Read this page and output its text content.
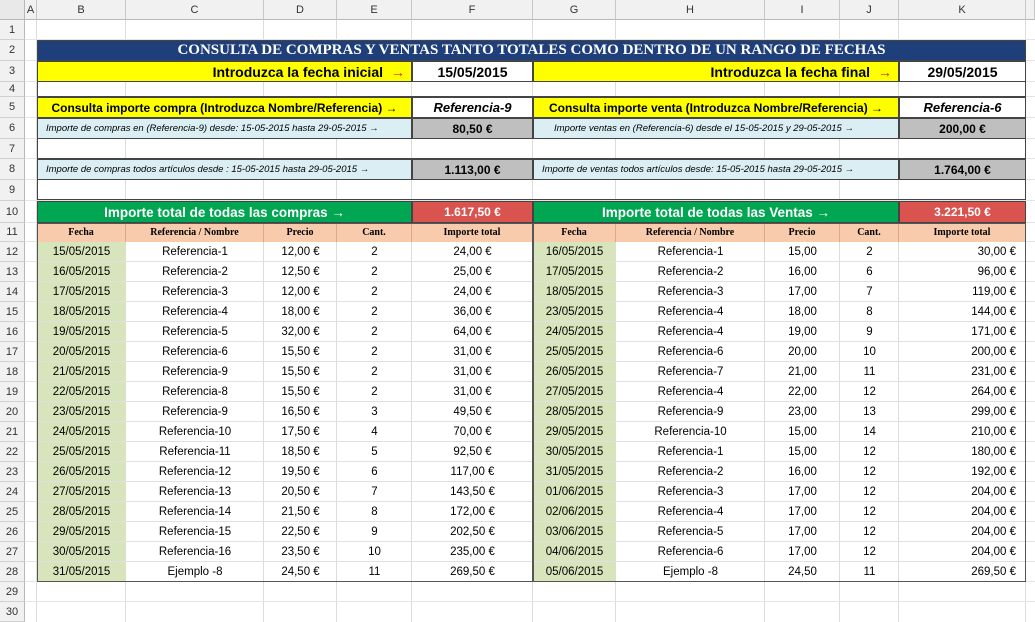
A	B	C	D	E	F	G	H	I	J	K
1
2
3
4
5
6
7
8
9
10
11
12
13
14
15
16
17
18
19
20
21
22
23
24
25
26
27
28
29
30
CONSULTA DE COMPRAS Y VENTAS TANTO TOTALES COMO DENTRO DE UN RANGO DE FECHAS
Introduzca la fecha inicial →	15/05/2015	Introduzca la fecha final →	29/05/2015
Consulta importe compra (Introduzca Nombre/Referencia) →	Referencia-9	Consulta importe venta (Introduzca Nombre/Referencia) →	Referencia-6
Importe de compras en (Referencia-9) desde: 15-05-2015 hasta 29-05-2015 →	80,50 €	Importe ventas en (Referencia-6) desde el 15-05-2015 y 29-05-2015 →	200,00 €
Importe de compras todos artículos desde : 15-05-2015 hasta 29-05-2015 →	1.113,00 €	Importe de ventas todos artículos desde: 15-05-2015 hasta 29-05-2015 →	1.764,00 €
Importe total de todas las compras →	1.617,50 €	Importe total de todas las Ventas →	3.221,50 €
Fecha	Referencia / Nombre	Precio	Cant.	Importe total
15/05/2015	Referencia-1	12,00 €	2	24,00 €
16/05/2015	Referencia-2	12,50 €	2	25,00 €
17/05/2015	Referencia-3	12,00 €	2	24,00 €
18/05/2015	Referencia-4	18,00 €	2	36,00 €
19/05/2015	Referencia-5	32,00 €	2	64,00 €
20/05/2015	Referencia-6	15,50 €	2	31,00 €
21/05/2015	Referencia-9	15,50 €	2	31,00 €
22/05/2015	Referencia-8	15,50 €	2	31,00 €
23/05/2015	Referencia-9	16,50 €	3	49,50 €
24/05/2015	Referencia-10	17,50 €	4	70,00 €
25/05/2015	Referencia-11	18,50 €	5	92,50 €
26/05/2015	Referencia-12	19,50 €	6	117,00 €
27/05/2015	Referencia-13	20,50 €	7	143,50 €
28/05/2015	Referencia-14	21,50 €	8	172,00 €
29/05/2015	Referencia-15	22,50 €	9	202,50 €
30/05/2015	Referencia-16	23,50 €	10	235,00 €
31/05/2015	Ejemplo -8	24,50 €	11	269,50 €
Fecha	Referencia / Nombre	Precio	Cant.	Importe total
16/05/2015	Referencia-1	15,00	2	30,00 €
17/05/2015	Referencia-2	16,00	6	96,00 €
18/05/2015	Referencia-3	17,00	7	119,00 €
23/05/2015	Referencia-4	18,00	8	144,00 €
24/05/2015	Referencia-4	19,00	9	171,00 €
25/05/2015	Referencia-6	20,00	10	200,00 €
26/05/2015	Referencia-7	21,00	11	231,00 €
27/05/2015	Referencia-4	22,00	12	264,00 €
28/05/2015	Referencia-9	23,00	13	299,00 €
29/05/2015	Referencia-10	15,00	14	210,00 €
30/05/2015	Referencia-1	15,00	12	180,00 €
31/05/2015	Referencia-2	16,00	12	192,00 €
01/06/2015	Referencia-3	17,00	12	204,00 €
02/06/2015	Referencia-4	17,00	12	204,00 €
03/06/2015	Referencia-5	17,00	12	204,00 €
04/06/2015	Referencia-6	17,00	12	204,00 €
05/06/2015	Ejemplo -8	24,50	11	269,50 €
